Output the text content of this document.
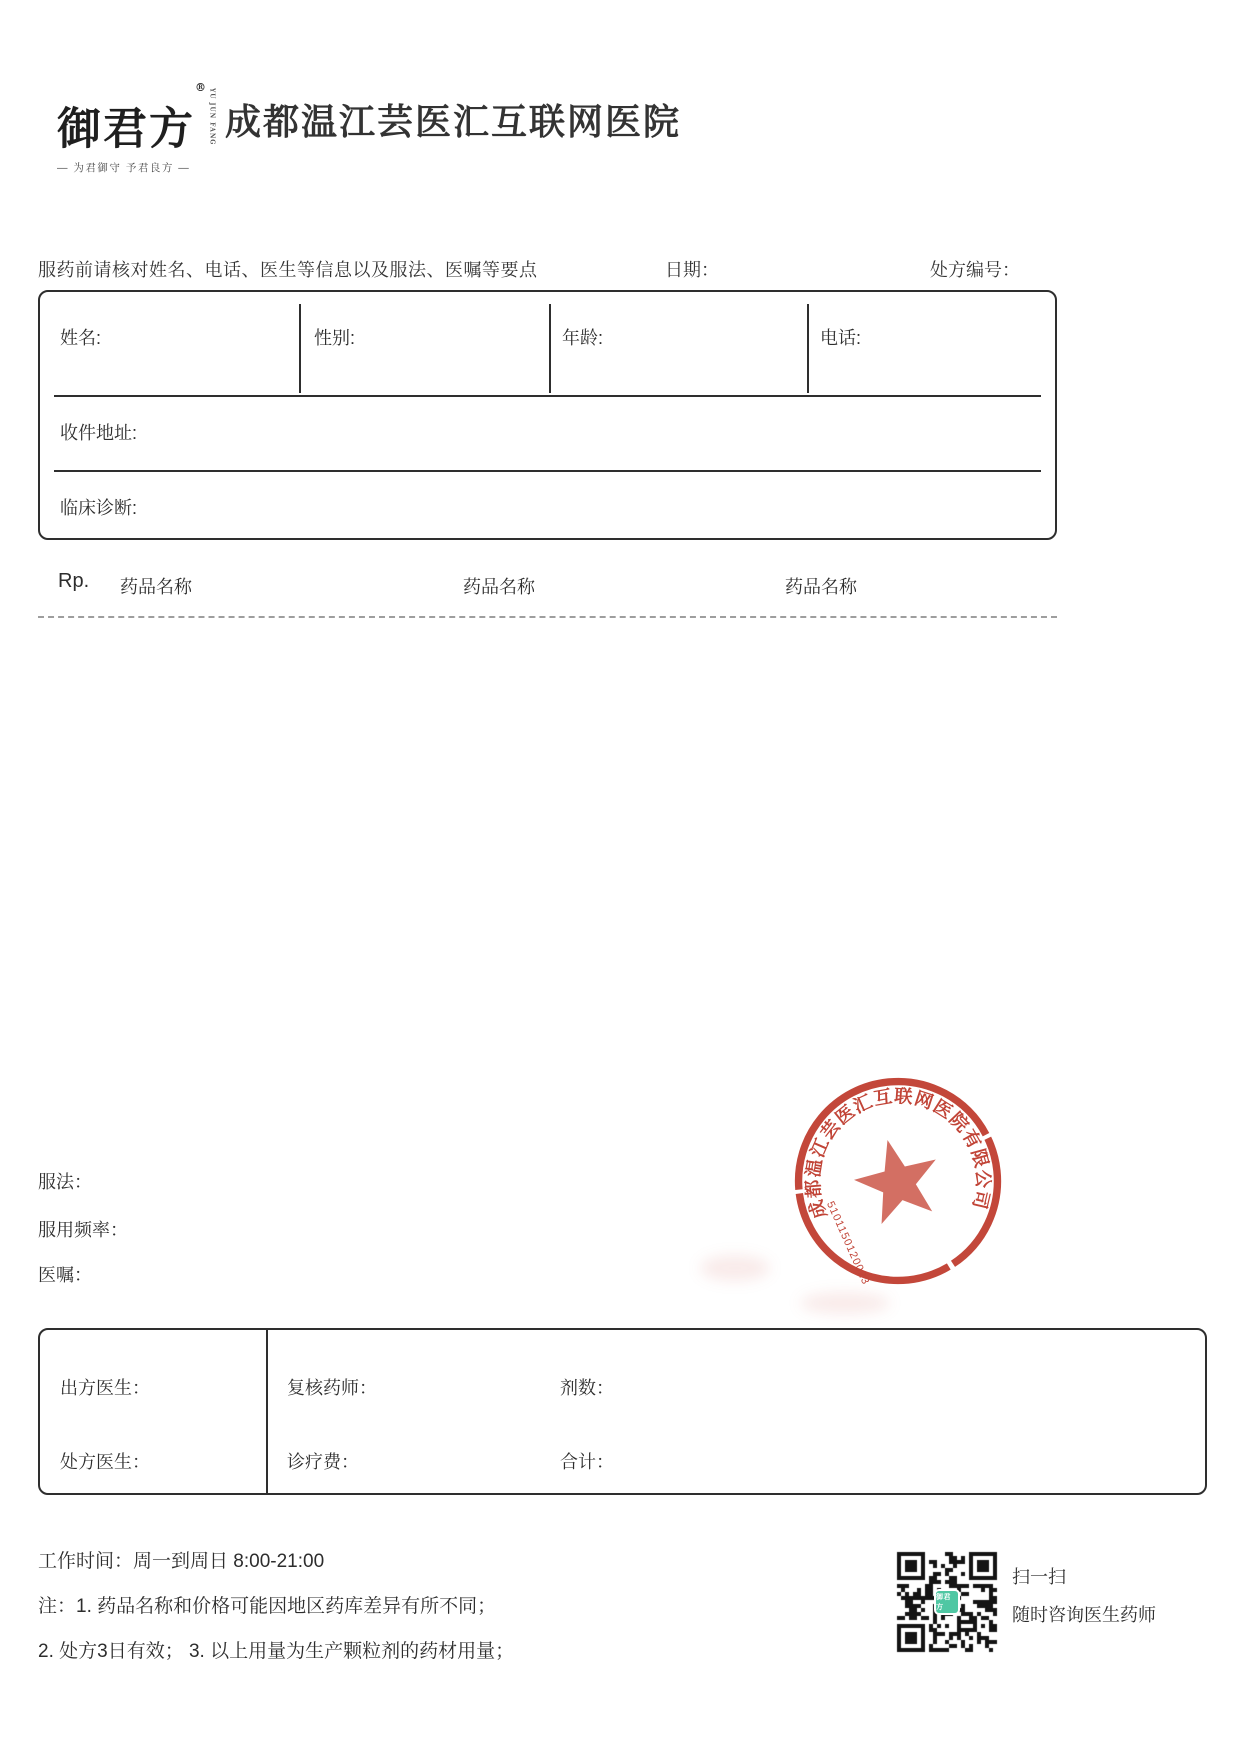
御君方®YU JUN FANG
— 为君御守 予君良方 —
成都温江芸医汇互联网医院
服药前请核对姓名、电话、医生等信息以及服法、医嘱等要点	日期：	处方编号：
姓名:	性别:	年龄:	电话:
收件地址:
临床诊断:
Rp. 药品名称	药品名称	药品名称
服法：
服用频率：
医嘱：
出方医生：
处方医生：
复核药师：	剂数：
诊疗费：	合计：
成都温江芸医汇互联网医院有限公司
5101150120023
工作时间：周一到周日 8:00-21:00
注：1. 药品名称和价格可能因地区药库差异有所不同；
2. 处方3日有效； 3. 以上用量为生产颗粒剂的药材用量；
御君方
扫一扫
随时咨询医生药师
